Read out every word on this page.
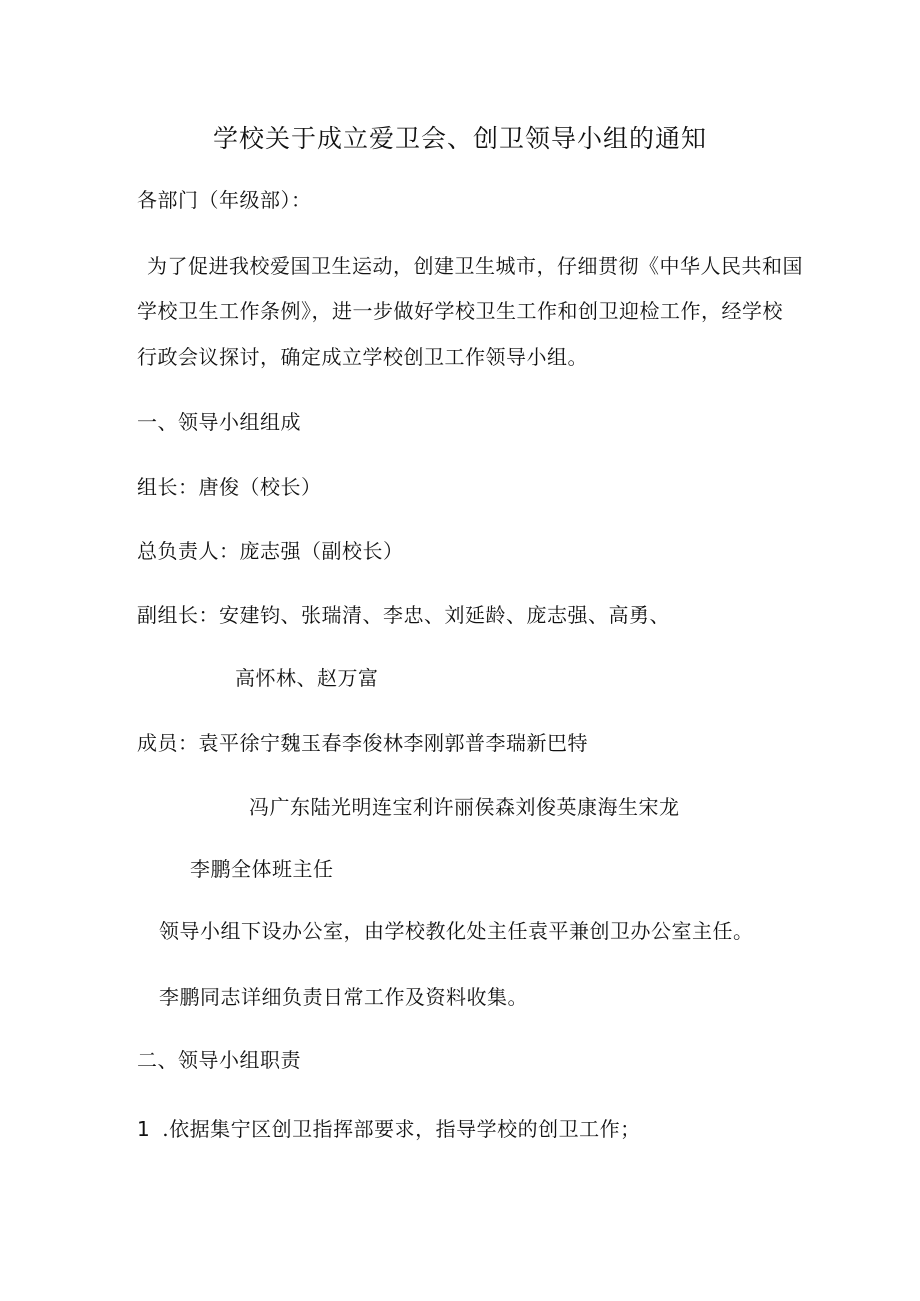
学校关于成立爱卫会、创卫领导小组的通知
各部门（年级部）：
为了促进我校爱国卫生运动，创建卫生城市，仔细贯彻《中华人民共和国
学校卫生工作条例》，进一步做好学校卫生工作和创卫迎检工作，经学校
行政会议探讨，确定成立学校创卫工作领导小组。
一、领导小组组成
组长：唐俊（校长）
总负责人：庞志强（副校长）
副组长：安建钧、张瑞清、李忠、刘延龄、庞志强、高勇、
高怀林、赵万富
成员：袁平徐宁魏玉春李俊林李刚郭普李瑞新巴特
冯广东陆光明连宝利许丽侯森刘俊英康海生宋龙
李鹏全体班主任
领导小组下设办公室，由学校教化处主任袁平兼创卫办公室主任。
李鹏同志详细负责日常工作及资料收集。
二、领导小组职责
1 .依据集宁区创卫指挥部要求，指导学校的创卫工作；
